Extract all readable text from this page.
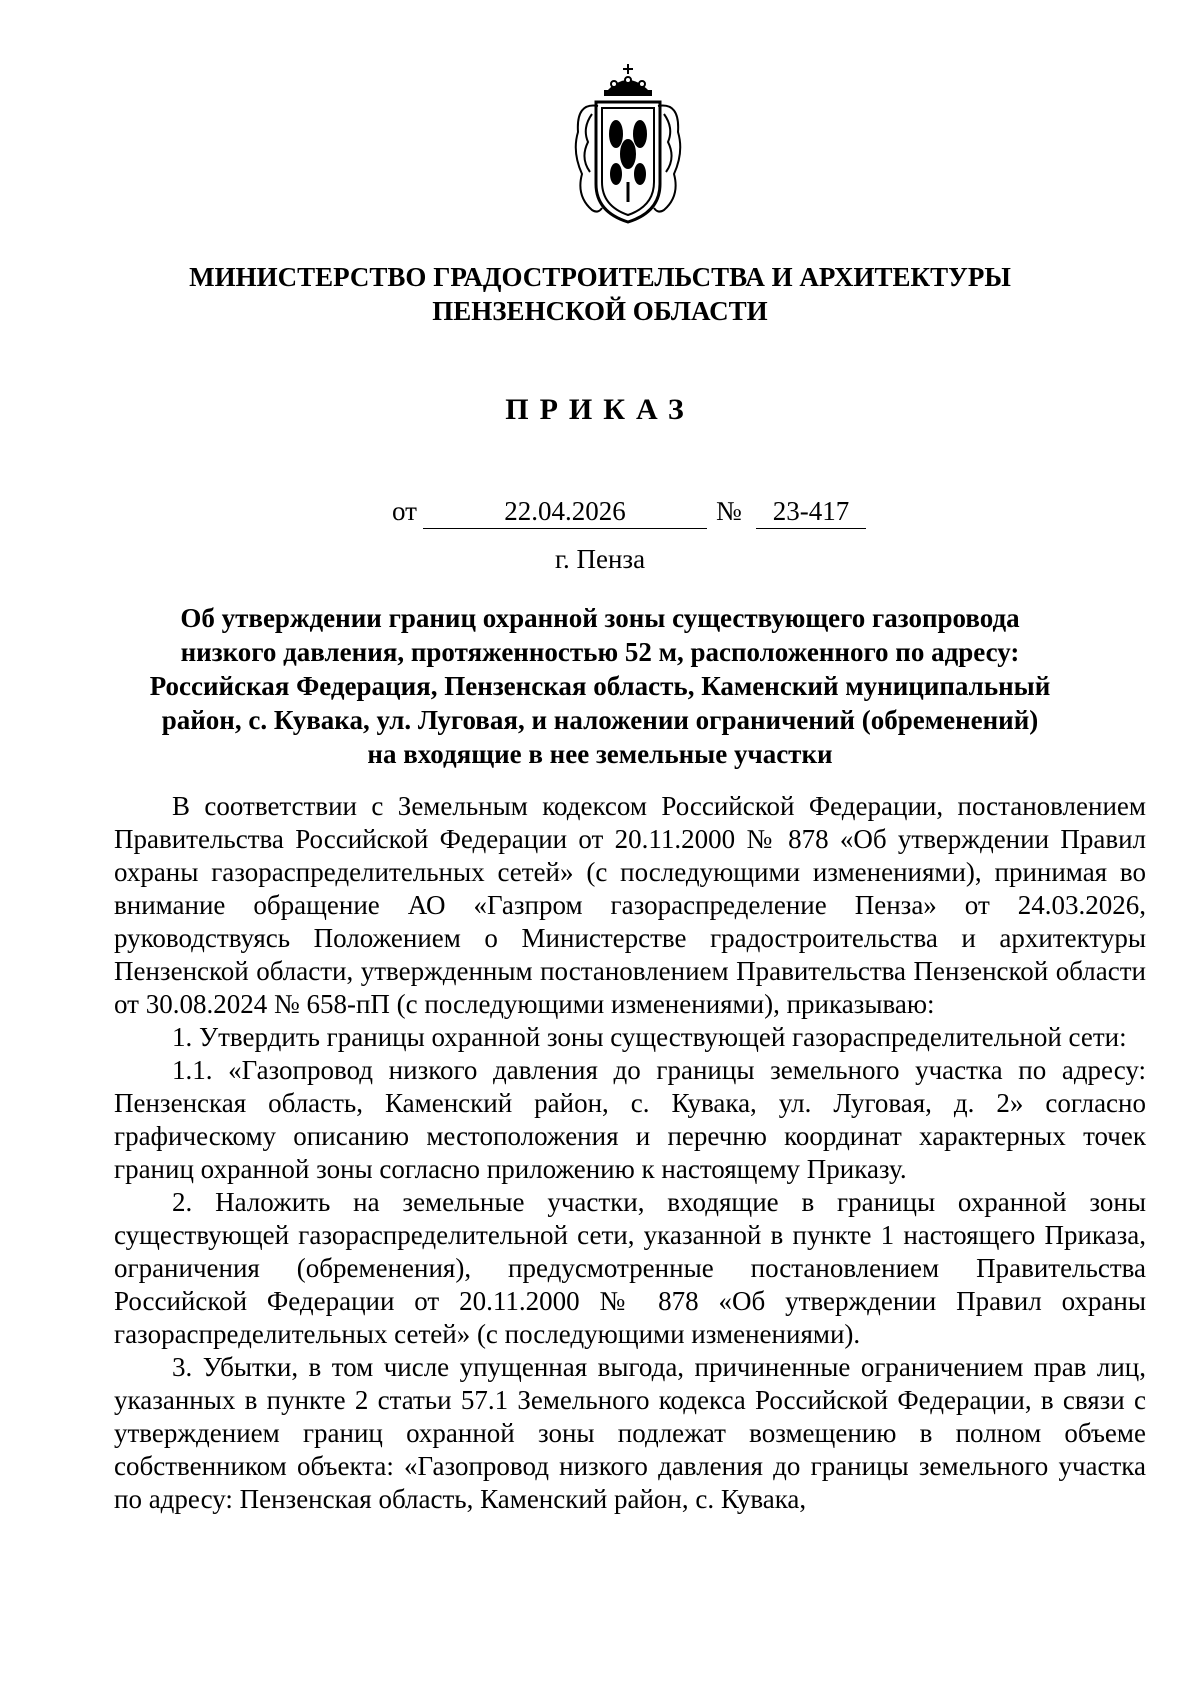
МИНИСТЕРСТВО ГРАДОСТРОИТЕЛЬСТВА И АРХИТЕКТУРЫ
ПЕНЗЕНСКОЙ ОБЛАСТИ
ПРИКАЗ
от	22.04.2026	№	23-417
г. Пенза
Об утверждении границ охранной зоны существующего газопровода
низкого давления, протяженностью 52 м, расположенного по адресу:
Российская Федерация, Пензенская область, Каменский муниципальный
район, с. Кувака, ул. Луговая, и наложении ограничений (обременений)
на входящие в нее земельные участки

В соответствии с Земельным кодексом Российской Федерации, постановлением Правительства Российской Федерации от 20.11.2000 № 878 «Об утверждении Правил охраны газораспределительных сетей» (с последующими изменениями), принимая во внимание обращение АО «Газпром газораспределение Пенза» от 24.03.2026, руководствуясь Положением о Министерстве градостроительства и архитектуры Пензенской области, утвержденным постановлением Правительства Пензенской области от 30.08.2024 № 658-пП (с последующими изменениями), приказываю:

1. Утвердить границы охранной зоны существующей газораспределительной сети:

1.1. «Газопровод низкого давления до границы земельного участка по адресу: Пензенская область, Каменский район, с. Кувака, ул. Луговая, д. 2» согласно графическому описанию местоположения и перечню координат характерных точек границ охранной зоны согласно приложению к настоящему Приказу.

2. Наложить на земельные участки, входящие в границы охранной зоны существующей газораспределительной сети, указанной в пункте 1 настоящего Приказа, ограничения (обременения), предусмотренные постановлением Правительства Российской Федерации от 20.11.2000 № 878 «Об утверждении Правил охраны газораспределительных сетей» (с последующими изменениями).

3. Убытки, в том числе упущенная выгода, причиненные ограничением прав лиц, указанных в пункте 2 статьи 57.1 Земельного кодекса Российской Федерации, в связи с утверждением границ охранной зоны подлежат возмещению в полном объеме собственником объекта: «Газопровод низкого давления до границы земельного участка по адресу: Пензенская область, Каменский район, с. Кувака,
